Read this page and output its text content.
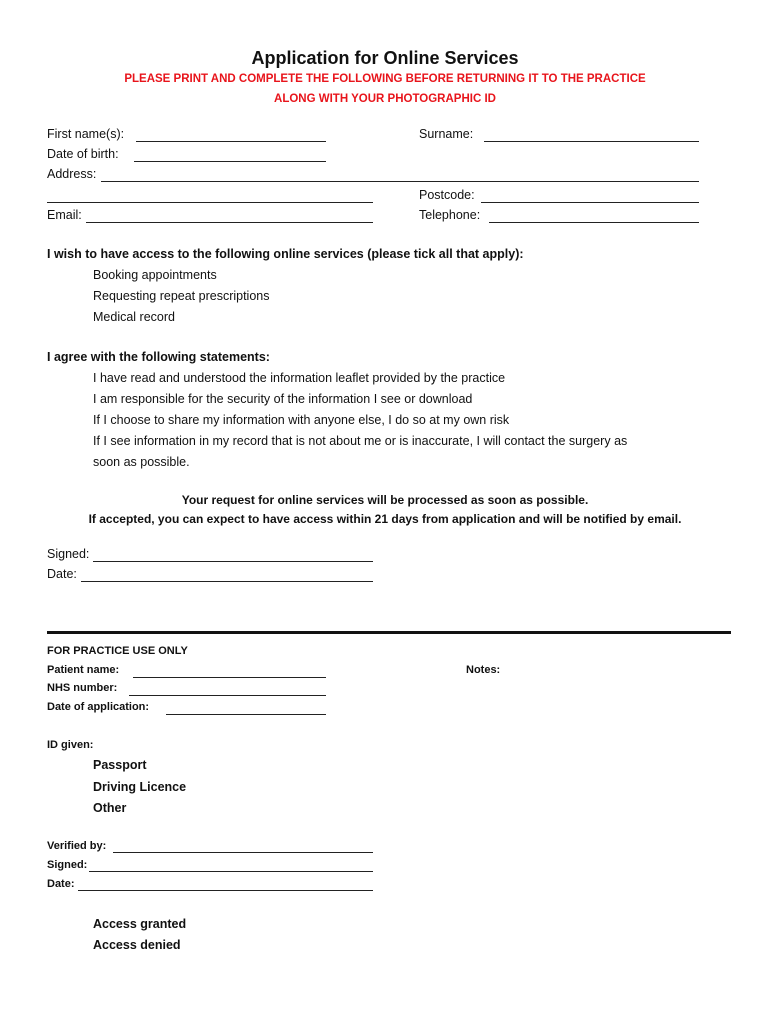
Application for Online Services
PLEASE PRINT AND COMPLETE THE FOLLOWING BEFORE RETURNING IT TO THE PRACTICE
ALONG WITH YOUR PHOTOGRAPHIC ID
First name(s):	Surname:
Date of birth:
Address:
Postcode:
Email:	Telephone:
I wish to have access to the following online services (please tick all that apply):
Booking appointments
Requesting repeat prescriptions
Medical record
I agree with the following statements:
I have read and understood the information leaflet provided by the practice
I am responsible for the security of the information I see or download
If I choose to share my information with anyone else, I do so at my own risk
If I see information in my record that is not about me or is inaccurate, I will contact the surgery as
soon as possible.
Your request for online services will be processed as soon as possible.
If accepted, you can expect to have access within 21 days from application and will be notified by email.
Signed:
Date:
FOR PRACTICE USE ONLY
Patient name:	Notes:
NHS number:
Date of application:
ID given:
Passport
Driving Licence
Other
Verified by:
Signed:
Date:
Access granted
Access denied
